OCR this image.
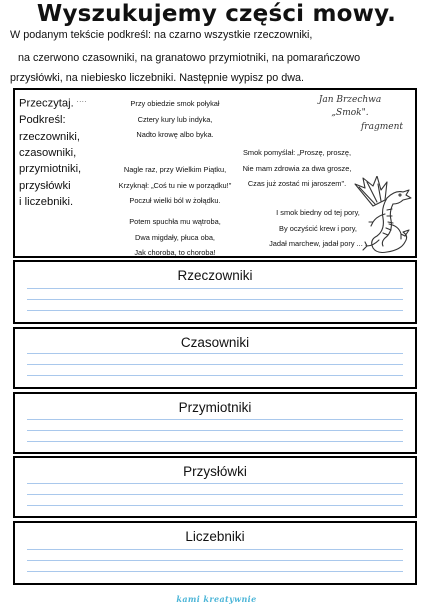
Wyszukujemy części mowy.
W podanym tekście podkreśl: na czarno wszystkie rzeczowniki,
na czerwono czasowniki, na granatowo przymiotniki, na pomarańczowo
przysłówki, na niebiesko liczebniki. Następnie wypisz po dwa.
Przeczytaj. ....
Podkreśl:
rzeczowniki,
czasowniki,
przymiotniki,
przysłówki
i liczebniki.
Jan Brzechwa
„Smok".
fragment
Przy obiedzie smok połykał
Cztery kury lub indyka,
Nadto krowę albo byka.
Nagle raz, przy Wielkim Piątku,
Krzyknął: „Coś tu nie w porządku!"
Poczuł wielki ból w żołądku.
Potem spuchła mu wątroba,
Dwa migdały, płuca oba,
Jak choroba, to choroba!
Smok pomyślał: „Proszę, proszę,
Nie mam zdrowia za dwa grosze,
Czas już zostać mi jaroszem".
I smok biedny od tej pory,
By oczyścić krew i pory,
Jadał marchew, jadał pory ... .
Rzeczowniki
Czasowniki
Przymiotniki
Przysłówki
Liczebniki
kami kreatywnie
